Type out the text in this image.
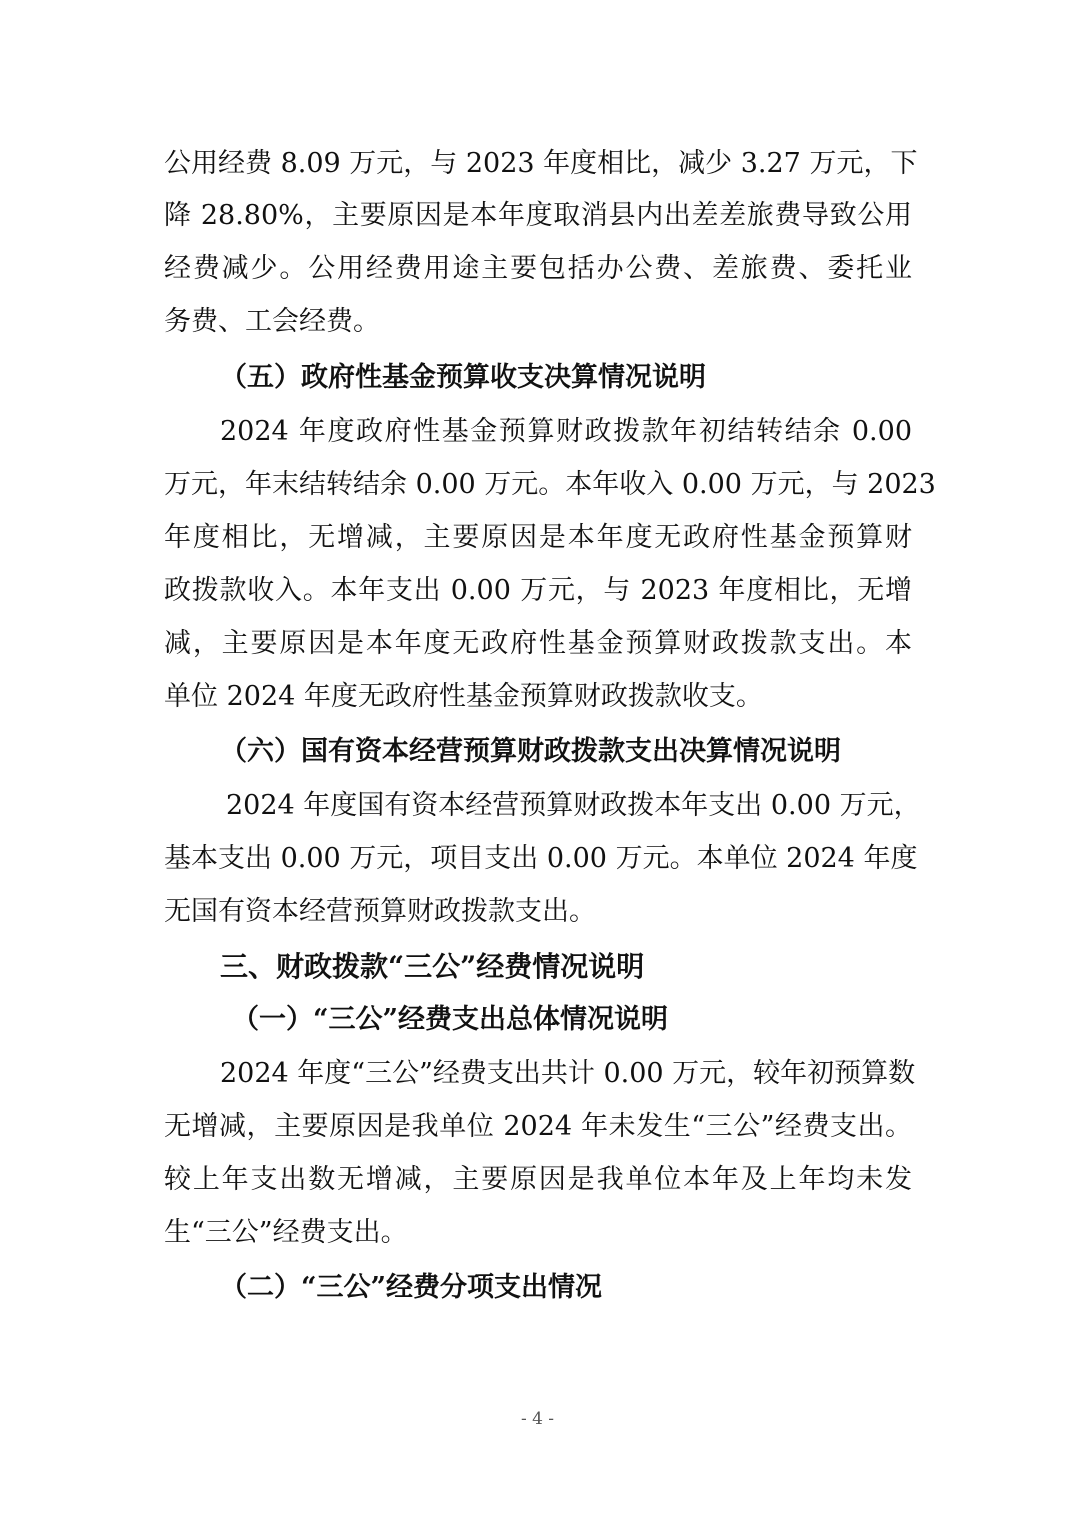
公用经费 8.09 万元，与 2023 年度相比，减少 3.27 万元，下
降 28.80%，主要原因是本年度取消县内出差差旅费导致公用
经费减少。公用经费用途主要包括办公费、差旅费、委托业
务费、工会经费。
（五）政府性基金预算收支决算情况说明
2024 年度政府性基金预算财政拨款年初结转结余 0.00
万元，年末结转结余 0.00 万元。本年收入 0.00 万元，与 2023
年度相比，无增减，主要原因是本年度无政府性基金预算财
政拨款收入。本年支出 0.00 万元，与 2023 年度相比，无增
减，主要原因是本年度无政府性基金预算财政拨款支出。本
单位 2024 年度无政府性基金预算财政拨款收支。
（六）国有资本经营预算财政拨款支出决算情况说明
2024 年度国有资本经营预算财政拨本年支出 0.00 万元，
基本支出 0.00 万元，项目支出 0.00 万元。本单位 2024 年度
无国有资本经营预算财政拨款支出。
三、财政拨款“三公”经费情况说明
（一）“三公”经费支出总体情况说明
2024 年度“三公”经费支出共计 0.00 万元，较年初预算数
无增减，主要原因是我单位 2024 年未发生“三公”经费支出。
较上年支出数无增减，主要原因是我单位本年及上年均未发
生“三公”经费支出。
（二）“三公”经费分项支出情况
- 4 -
